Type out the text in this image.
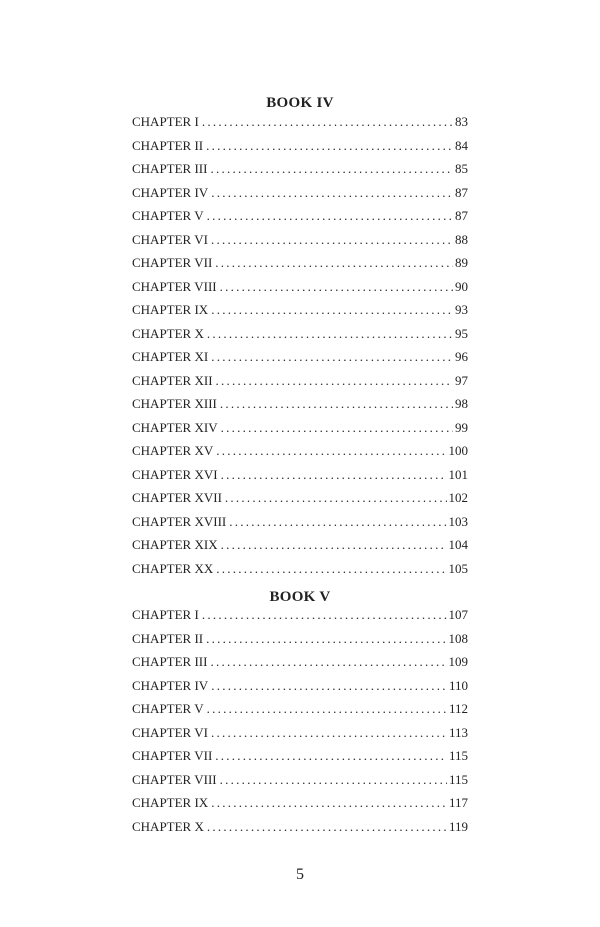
BOOK IV
CHAPTER I . . .	83
CHAPTER II . . .	84
CHAPTER III . . .	85
CHAPTER IV . . .	87
CHAPTER V . . .	87
CHAPTER VI . . .	88
CHAPTER VII . . .	89
CHAPTER VIII . . .	90
CHAPTER IX . . .	93
CHAPTER X . . .	95
CHAPTER XI . . .	96
CHAPTER XII . . .	97
CHAPTER XIII . . .	98
CHAPTER XIV . . .	99
CHAPTER XV . . .	100
CHAPTER XVI . . .	101
CHAPTER XVII . . .	102
CHAPTER XVIII . . .	103
CHAPTER XIX . . .	104
CHAPTER XX . . .	105
BOOK V
CHAPTER I . . .	107
CHAPTER II . . .	108
CHAPTER III . . .	109
CHAPTER IV . . .	110
CHAPTER V . . .	112
CHAPTER VI . . .	113
CHAPTER VII . . .	115
CHAPTER VIII . . .	115
CHAPTER IX . . .	117
CHAPTER X . . .	119
5
